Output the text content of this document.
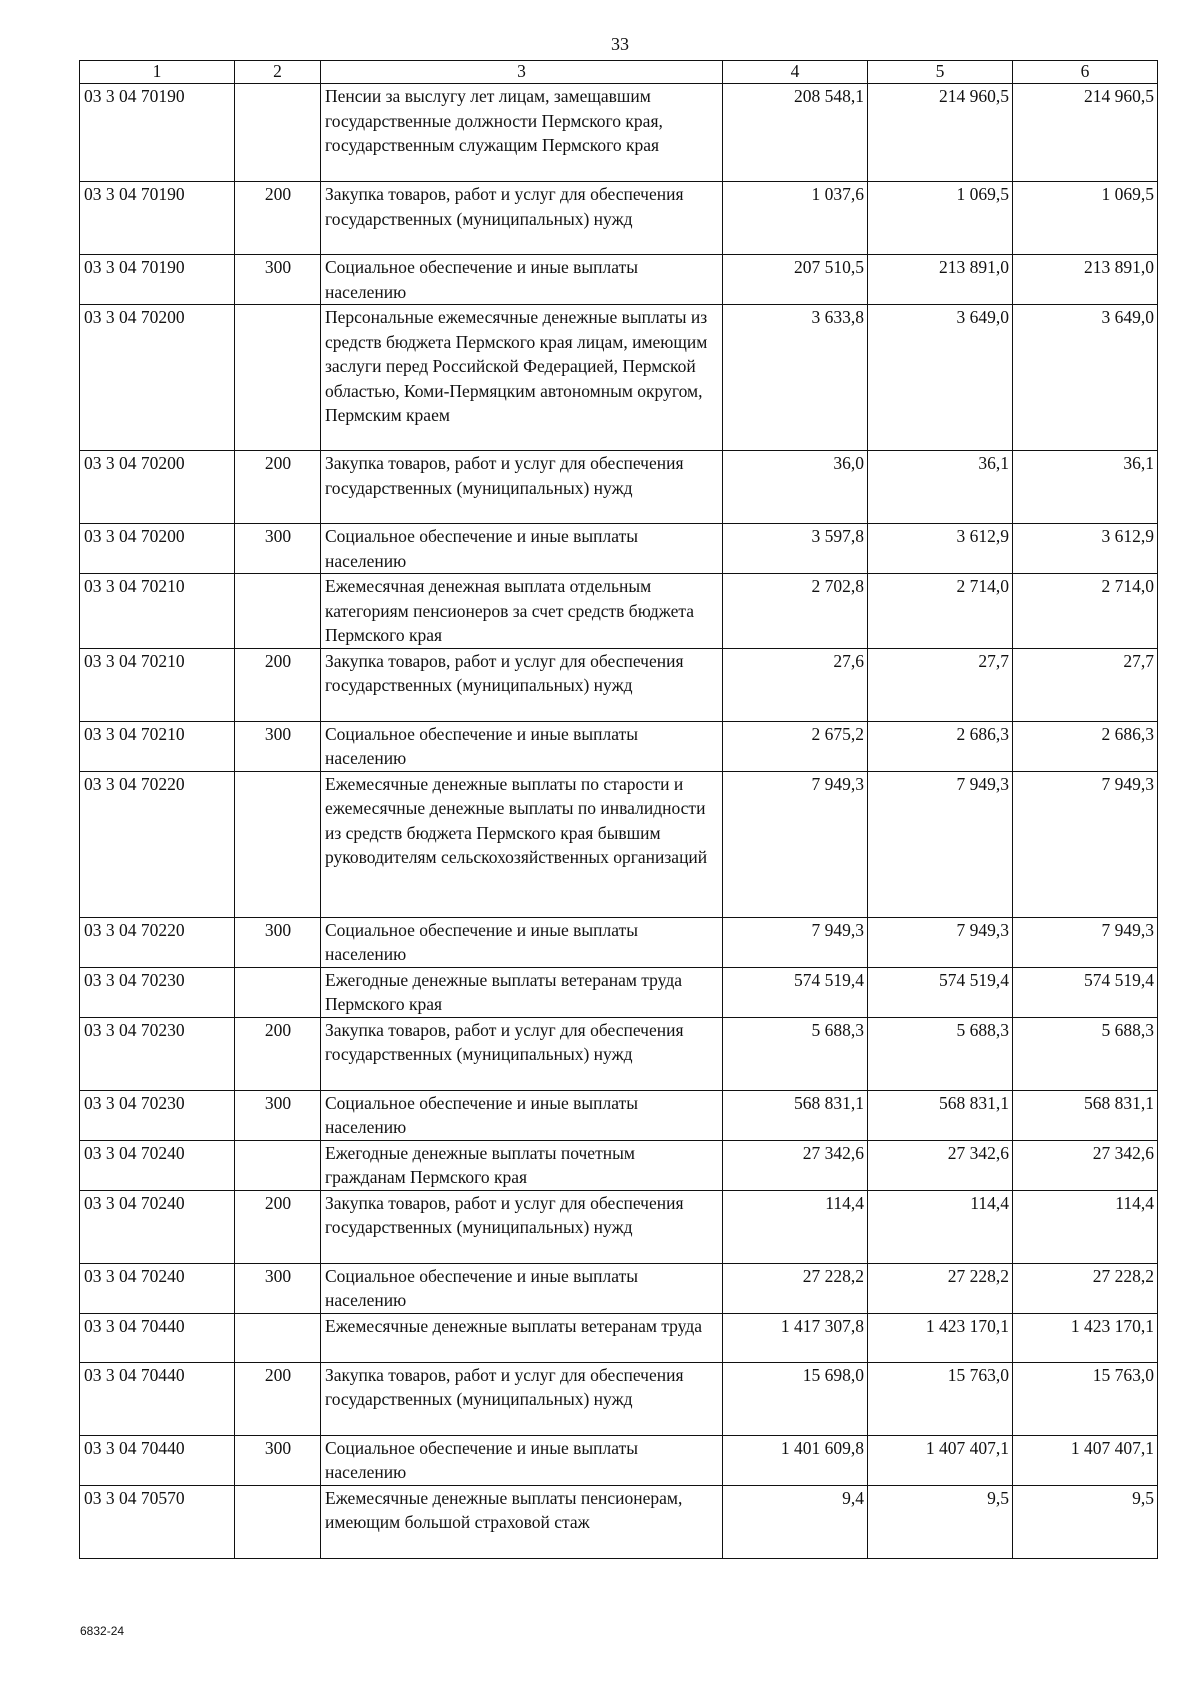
33
1	2	3	4	5	6
03 3 04 70190		Пенсии за выслугу лет лицам, замещавшим государственные должности Пермского края, государственным служащим Пермского края	208 548,1	214 960,5	214 960,5
03 3 04 70190	200	Закупка товаров, работ и услуг для обеспечения государственных (муниципальных) нужд	1 037,6	1 069,5	1 069,5
03 3 04 70190	300	Социальное обеспечение и иные выплаты населению	207 510,5	213 891,0	213 891,0
03 3 04 70200		Персональные ежемесячные денежные выплаты из средств бюджета Пермского края лицам, имеющим заслуги перед Российской Федерацией, Пермской областью, Коми-Пермяцким автономным округом, Пермским краем	3 633,8	3 649,0	3 649,0
03 3 04 70200	200	Закупка товаров, работ и услуг для обеспечения государственных (муниципальных) нужд	36,0	36,1	36,1
03 3 04 70200	300	Социальное обеспечение и иные выплаты населению	3 597,8	3 612,9	3 612,9
03 3 04 70210		Ежемесячная денежная выплата отдельным категориям пенсионеров за счет средств бюджета Пермского края	2 702,8	2 714,0	2 714,0
03 3 04 70210	200	Закупка товаров, работ и услуг для обеспечения государственных (муниципальных) нужд	27,6	27,7	27,7
03 3 04 70210	300	Социальное обеспечение и иные выплаты населению	2 675,2	2 686,3	2 686,3
03 3 04 70220		Ежемесячные денежные выплаты по старости и ежемесячные денежные выплаты по инвалидности из средств бюджета Пермского края бывшим руководителям сельскохозяйственных организаций	7 949,3	7 949,3	7 949,3
03 3 04 70220	300	Социальное обеспечение и иные выплаты населению	7 949,3	7 949,3	7 949,3
03 3 04 70230		Ежегодные денежные выплаты ветеранам труда Пермского края	574 519,4	574 519,4	574 519,4
03 3 04 70230	200	Закупка товаров, работ и услуг для обеспечения государственных (муниципальных) нужд	5 688,3	5 688,3	5 688,3
03 3 04 70230	300	Социальное обеспечение и иные выплаты населению	568 831,1	568 831,1	568 831,1
03 3 04 70240		Ежегодные денежные выплаты почетным гражданам Пермского края	27 342,6	27 342,6	27 342,6
03 3 04 70240	200	Закупка товаров, работ и услуг для обеспечения государственных (муниципальных) нужд	114,4	114,4	114,4
03 3 04 70240	300	Социальное обеспечение и иные выплаты населению	27 228,2	27 228,2	27 228,2
03 3 04 70440		Ежемесячные денежные выплаты ветеранам труда	1 417 307,8	1 423 170,1	1 423 170,1
03 3 04 70440	200	Закупка товаров, работ и услуг для обеспечения государственных (муниципальных) нужд	15 698,0	15 763,0	15 763,0
03 3 04 70440	300	Социальное обеспечение и иные выплаты населению	1 401 609,8	1 407 407,1	1 407 407,1
03 3 04 70570		Ежемесячные денежные выплаты пенсионерам, имеющим большой страховой стаж	9,4	9,5	9,5
6832-24
